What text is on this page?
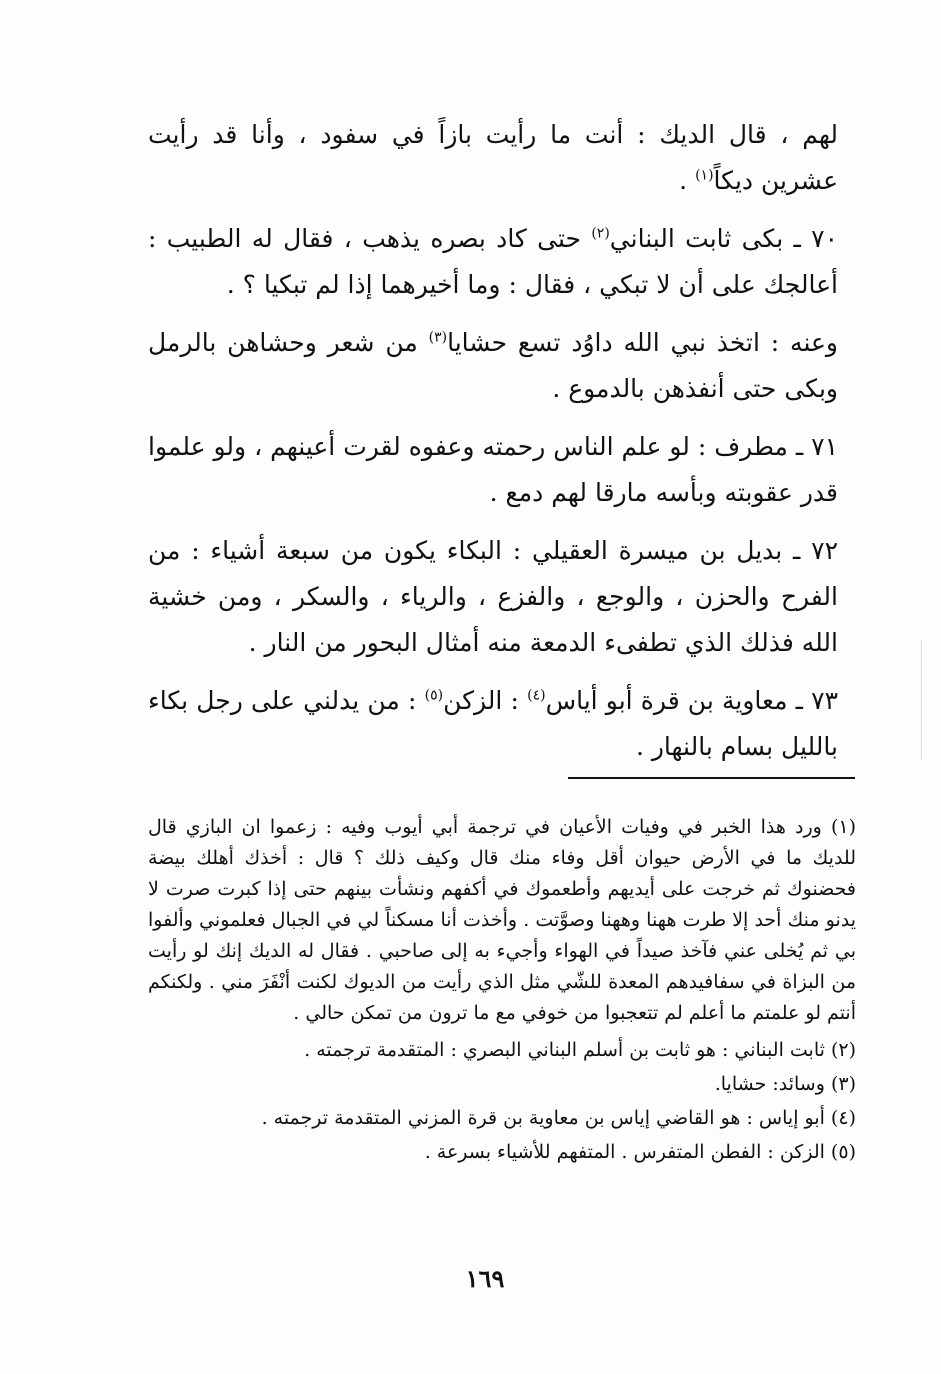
لهم ، قال الديك : أنت ما رأيت بازاً في سفود ، وأنا قد رأيت عشرين ديكاً$^{(١)}$ .

٧٠ ـ بكى ثابت البناني$^{(٢)}$ حتى كاد بصره يذهب ، فقال له الطبيب : أعالجك على أن لا تبكي ، فقال : وما أخيرهما إذا لم تبكيا ؟ .

وعنه : اتخذ نبي الله داوُد تسع حشايا$^{(٣)}$ من شعر وحشاهن بالرمل وبكى حتى أنفذهن بالدموع .

٧١ ـ مطرف : لو علم الناس رحمته وعفوه لقرت أعينهم ، ولو علموا قدر عقوبته وبأسه مارقا لهم دمع .

٧٢ ـ بديل بن ميسرة العقيلي : البكاء يكون من سبعة أشياء : من الفرح والحزن ، والوجع ، والفزع ، والرياء ، والسكر ، ومن خشية الله فذلك الذي تطفىء الدمعة منه أمثال البحور من النار .

٧٣ ـ معاوية بن قرة أبو أياس$^{(٤)}$ : الزكن$^{(٥)}$ : من يدلني على رجل بكاء بالليل بسام بالنهار .

(١) ورد هذا الخبر في وفيات الأعيان في ترجمة أبي أيوب وفيه : زعموا ان البازي قال للديك ما في الأرض حيوان أقل وفاء منك قال وكيف ذلك ؟ قال : أخذك أهلك بيضة فحضنوك ثم خرجت على أيديهم وأطعموك في أكفهم ونشأت بينهم حتى إذا كبرت صرت لا يدنو منك أحد إلا طرت ههنا وههنا وصوَّتت . وأخذت أنا مسكناً لي في الجبال فعلموني وألفوا بي ثم يُخلى عني فآخذ صيداً في الهواء وأجيء به إلى صاحبي . فقال له الديك إنك لو رأيت من البزاة في سفافيدهم المعدة للشّي مثل الذي رأيت من الديوك لكنت أنْفَرَ مني . ولكنكم أنتم لو علمتم ما أعلم لم تتعجبوا من خوفي مع ما ترون من تمكن حالي .

(٢) ثابت البناني : هو ثابت بن أسلم البناني البصري : المتقدمة ترجمته .

(٣) وسائد: حشايا.

(٤) أبو إياس : هو القاضي إياس بن معاوية بن قرة المزني المتقدمة ترجمته .

(٥) الزكن : الفطن المتفرس . المتفهم للأشياء بسرعة .

١٦٩
